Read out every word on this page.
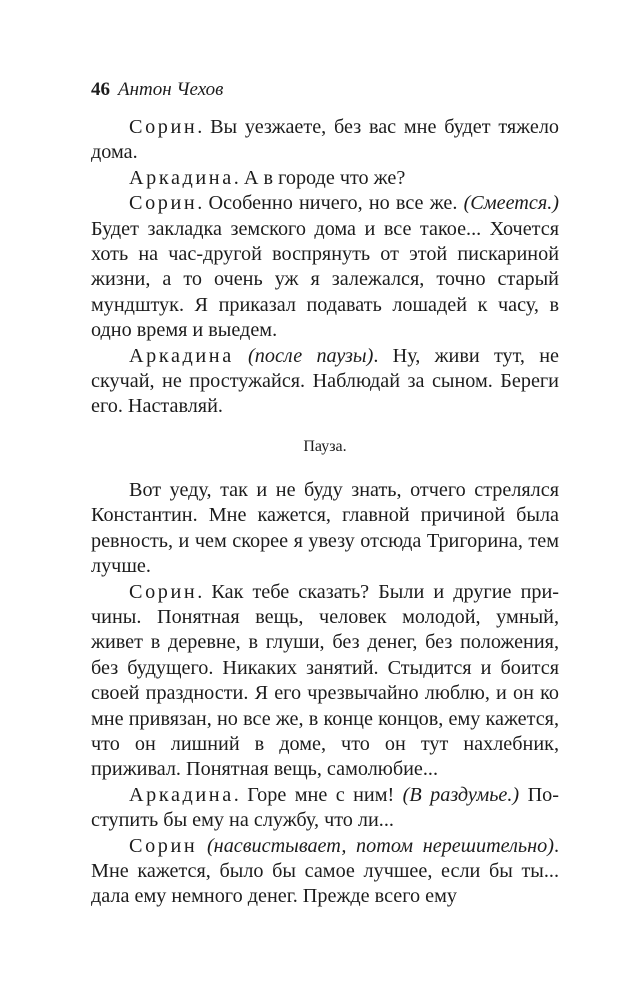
46 Антон Чехов

Сорин. Вы уезжаете, без вас мне будет тяжело дома.

Аркадина. А в городе что же?

Сорин. Особенно ничего, но все же. (Смеется.) Будет закладка земского дома и все такое... Хочется хоть на час-другой воспрянуть от этой пискариной жизни, а то очень уж я залежался, точно старый мундштук. Я приказал подавать лошадей к часу, в одно время и выедем.

Аркадина (после паузы). Ну, живи тут, не скучай, не простужайся. Наблюдай за сыном. Береги его. Наставляй.

Пауза.

Вот уеду, так и не буду знать, отчего стрелялся Константин. Мне кажется, главной причиной была ревность, и чем скорее я увезу отсюда Тригорина, тем лучше.

Сорин. Как тебе сказать? Были и другие причины. Понятная вещь, человек молодой, умный, живет в деревне, в глуши, без денег, без положения, без будущего. Никаких занятий. Стыдится и боится своей праздности. Я его чрезвычайно люблю, и он ко мне привязан, но все же, в конце концов, ему кажется, что он лишний в доме, что он тут нахлебник, приживал. Понятная вещь, самолюбие...

Аркадина. Горе мне с ним! (В раздумье.) Поступить бы ему на службу, что ли...

Сорин (насвистывает, потом нерешительно). Мне кажется, было бы самое лучшее, если бы ты... дала ему немного денег. Прежде всего ему
